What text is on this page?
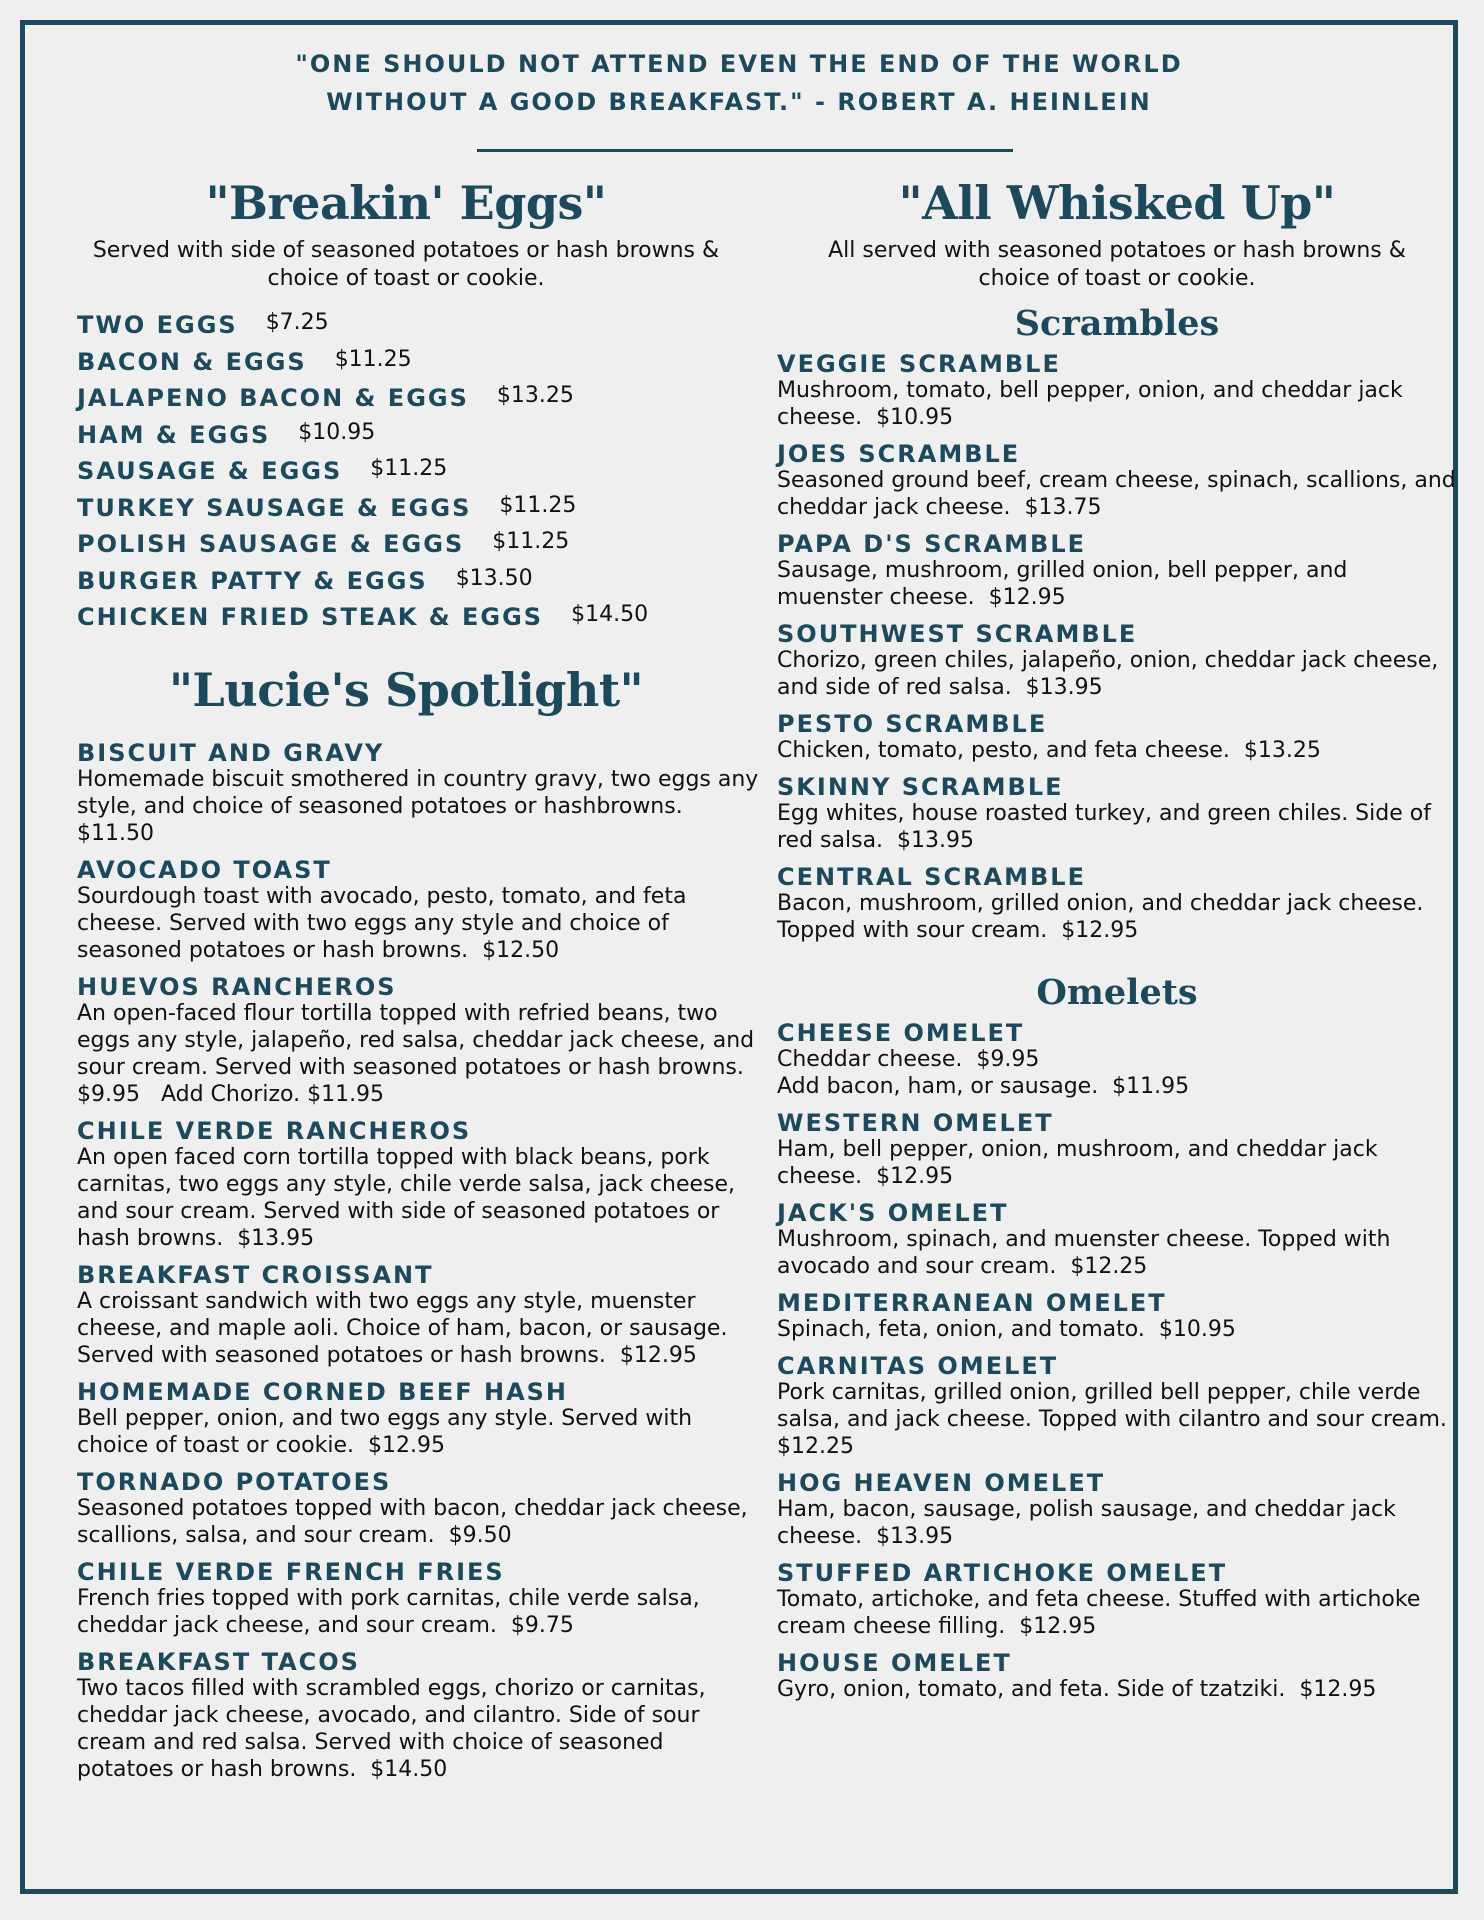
"ONE SHOULD NOT ATTEND EVEN THE END OF THE WORLD
WITHOUT A GOOD BREAKFAST." - ROBERT A. HEINLEIN
"Breakin' Eggs"

Served with side of seasoned potatoes or hash browns & choice of toast or cookie.

TWO EGGS $7.25
BACON & EGGS $11.25
JALAPENO BACON & EGGS $13.25
HAM & EGGS $10.95
SAUSAGE & EGGS $11.25
TURKEY SAUSAGE & EGGS $11.25
POLISH SAUSAGE & EGGS $11.25
BURGER PATTY & EGGS $13.50
CHICKEN FRIED STEAK & EGGS $14.50
"Lucie's Spotlight"

BISCUIT AND GRAVY

Homemade biscuit smothered in country gravy, two eggs any style, and choice of seasoned potatoes or hashbrowns.  $11.50

AVOCADO TOAST

Sourdough toast with avocado, pesto, tomato, and feta cheese. Served with two eggs any style and choice of seasoned potatoes or hash browns.  $12.50

HUEVOS RANCHEROS

An open-faced flour tortilla topped with refried beans, two eggs any style, jalapeño, red salsa, cheddar jack cheese, and sour cream. Served with seasoned potatoes or hash browns.  $9.95   Add Chorizo. $11.95

CHILE VERDE RANCHEROS

An open faced corn tortilla topped with black beans, pork carnitas, two eggs any style, chile verde salsa, jack cheese, and sour cream. Served with side of seasoned potatoes or hash browns.  $13.95

BREAKFAST CROISSANT

A croissant sandwich with two eggs any style, muenster cheese, and maple aoli. Choice of ham, bacon, or sausage. Served with seasoned potatoes or hash browns.  $12.95

HOMEMADE CORNED BEEF HASH

Bell pepper, onion, and two eggs any style. Served with choice of toast or cookie.  $12.95

TORNADO POTATOES

Seasoned potatoes topped with bacon, cheddar jack cheese, scallions, salsa, and sour cream.  $9.50

CHILE VERDE FRENCH FRIES

French fries topped with pork carnitas, chile verde salsa, cheddar jack cheese, and sour cream.  $9.75

BREAKFAST TACOS

Two tacos filled with scrambled eggs, chorizo or carnitas, cheddar jack cheese, avocado, and cilantro. Side of sour cream and red salsa. Served with choice of seasoned potatoes or hash browns.  $14.50

"All Whisked Up"

All served with seasoned potatoes or hash browns & choice of toast or cookie.

Scrambles

VEGGIE SCRAMBLE

Mushroom, tomato, bell pepper, onion, and cheddar jack cheese.  $10.95

JOES SCRAMBLE

Seasoned ground beef, cream cheese, spinach, scallions, and cheddar jack cheese.  $13.75

PAPA D'S SCRAMBLE

Sausage, mushroom, grilled onion, bell pepper, and muenster cheese.  $12.95

SOUTHWEST SCRAMBLE

Chorizo, green chiles, jalapeño, onion, cheddar jack cheese, and side of red salsa.  $13.95

PESTO SCRAMBLE

Chicken, tomato, pesto, and feta cheese.  $13.25

SKINNY SCRAMBLE

Egg whites, house roasted turkey, and green chiles. Side of red salsa.  $13.95

CENTRAL SCRAMBLE

Bacon, mushroom, grilled onion, and cheddar jack cheese. Topped with sour cream.  $12.95

Omelets

CHEESE OMELET

Cheddar cheese.  $9.95
Add bacon, ham, or sausage.  $11.95

WESTERN OMELET

Ham, bell pepper, onion, mushroom, and cheddar jack cheese.  $12.95

JACK'S OMELET

Mushroom, spinach, and muenster cheese. Topped with avocado and sour cream.  $12.25

MEDITERRANEAN OMELET

Spinach, feta, onion, and tomato.  $10.95

CARNITAS OMELET

Pork carnitas, grilled onion, grilled bell pepper, chile verde salsa, and jack cheese. Topped with cilantro and sour cream.  $12.25

HOG HEAVEN OMELET

Ham, bacon, sausage, polish sausage, and cheddar jack cheese.  $13.95

STUFFED ARTICHOKE OMELET

Tomato, artichoke, and feta cheese. Stuffed with artichoke cream cheese filling.  $12.95

HOUSE OMELET

Gyro, onion, tomato, and feta. Side of tzatziki.  $12.95
